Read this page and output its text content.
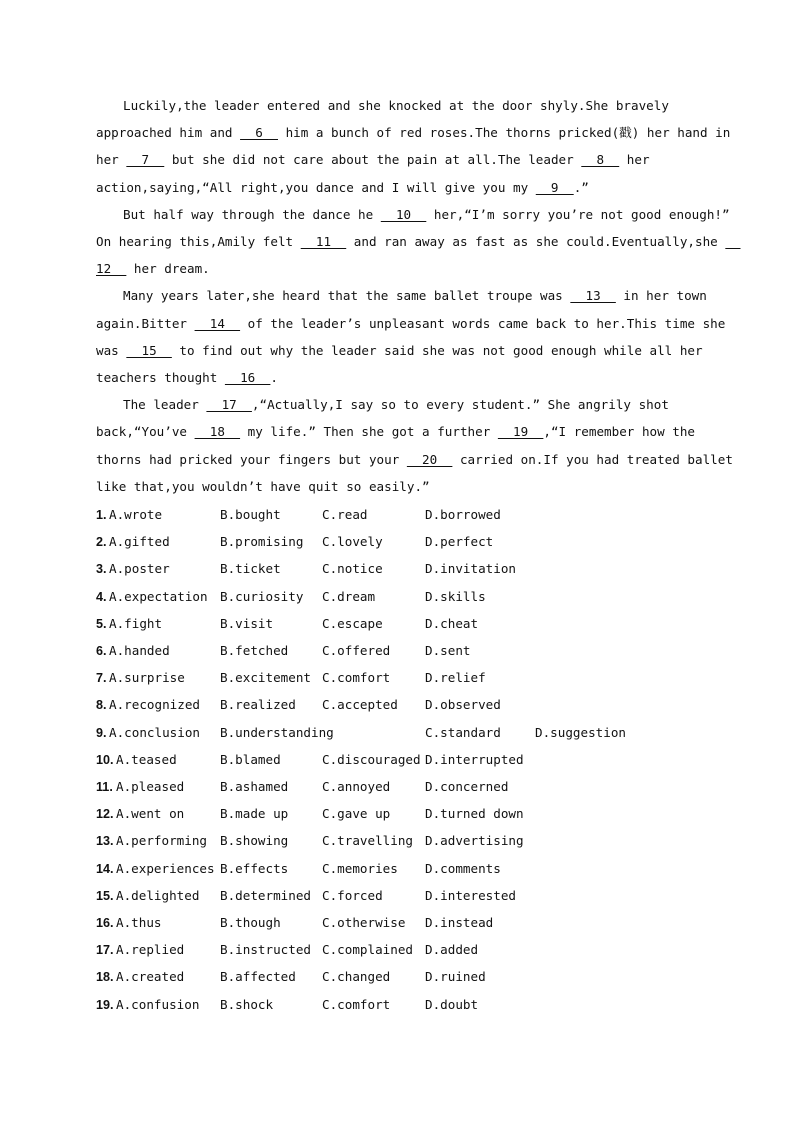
Luckily,the leader entered and she knocked at the door shyly.She bravely
approached him and   6   him a bunch of red roses.The thorns pricked(戳) her hand in
her   7   but she did not care about the pain at all.The leader   8   her
action,saying,“All right,you dance and I will give you my   9  .”
But half way through the dance he   10   her,“I’m sorry you’re not good enough!”
On hearing this,Amily felt   11   and ran away as fast as she could.Eventually,she
12   her dream.
Many years later,she heard that the same ballet troupe was   13   in her town
again.Bitter   14   of the leader’s unpleasant words came back to her.This time she
was   15   to find out why the leader said she was not good enough while all her
teachers thought   16  .
The leader   17  ,“Actually,I say so to every student.” She angrily shot
back,“You’ve   18   my life.” Then she got a further   19  ,“I remember how the
thorns had pricked your fingers but your   20   carried on.If you had treated ballet
like that,you wouldn’t have quit so easily.”
1. A.wrote	B.bought	C.read	D.borrowed
2. A.gifted	B.promising C.lovely	D.perfect
3. A.poster	B.ticket	C.notice	D.invitation
4. A.expectation B.curiosity C.dream	D.skills
5. A.fight	B.visit	C.escape	D.cheat
6. A.handed	B.fetched	C.offered	D.sent
7. A.surprise	B.excitement C.comfort	D.relief
8. A.recognized B.realized C.accepted D.observed
9. A.conclusion B.understanding	C.standard	D.suggestion
10. A.teased	B.blamed	C.discouraged D.interrupted
11. A.pleased	B.ashamed	C.annoyed	D.concerned
12. A.went on	B.made up	C.gave up	D.turned down
13. A.performing B.showing	C.travelling D.advertising
14. A.experiences B.effects	C.memories D.comments
15. A.delighted B.determined C.forced	D.interested
16. A.thus	B.though	C.otherwise D.instead
17. A.replied	B.instructed C.complained D.added
18. A.created	B.affected C.changed	D.ruined
19. A.confusion B.shock	C.comfort	D.doubt
